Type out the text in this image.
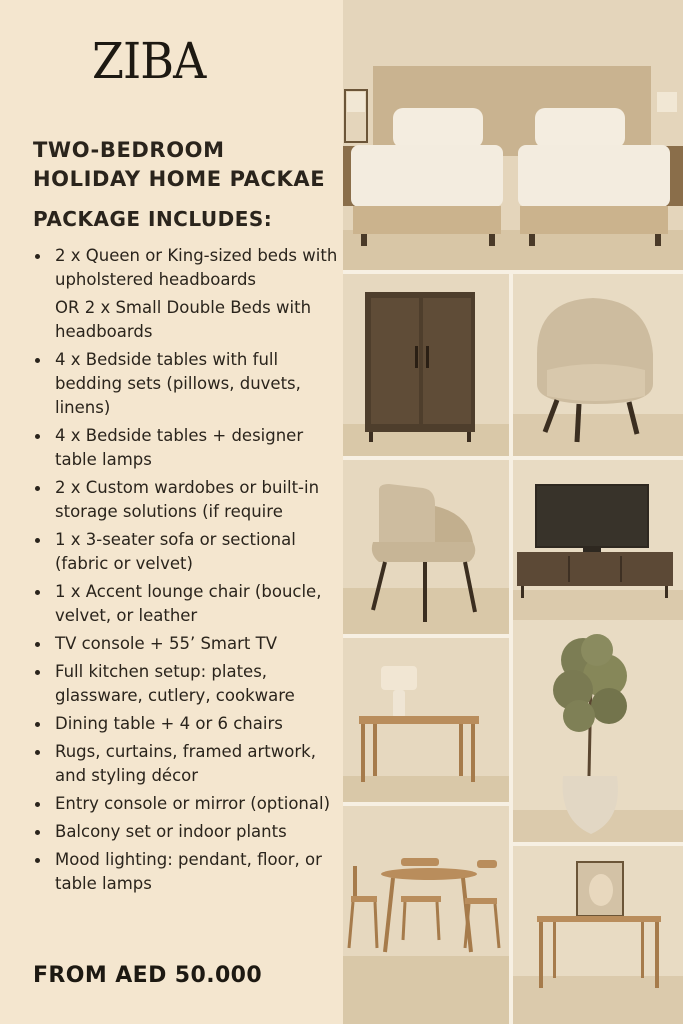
ZIBA
TWO-BEDROOM
HOLIDAY HOME PACKAE
PACKAGE INCLUDES:
2 x Queen or King-sized beds with upholstered headboards
OR 2 x Small Double Beds with headboards
4 x Bedside tables with full bedding sets (pillows, duvets, linens)
4 x Bedside tables + designer table lamps
2 x Custom wardobes or built-in storage solutions (if require
1 x 3-seater sofa or sectional (fabric or velvet)
1 x Accent lounge chair (boucle, velvet, or leather
TV console + 55’ Smart TV
Full kitchen setup: plates, glassware, cutlery, cookware
Dining table + 4 or 6 chairs
Rugs, curtains, framed artwork, and styling décor
Entry console or mirror (optional)
Balcony set or indoor plants
Mood lighting: pendant, floor, or table lamps
FROM AED 50.000
